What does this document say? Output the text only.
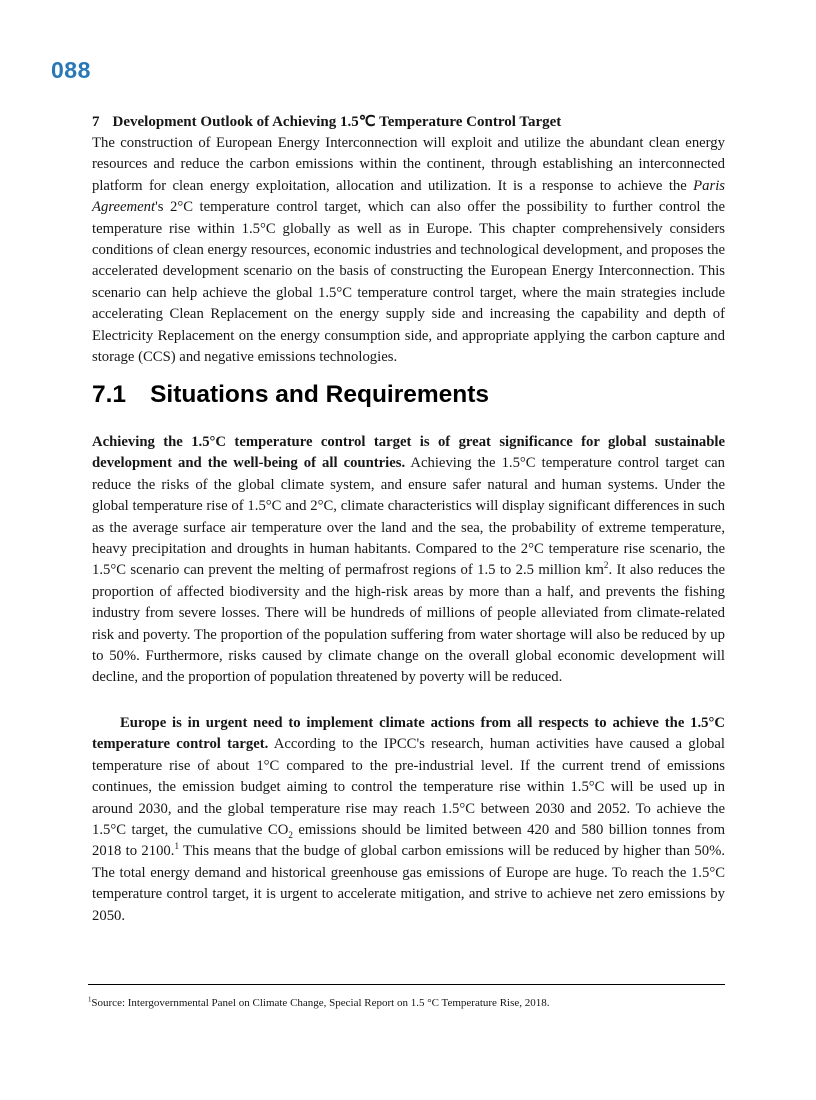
088
7 Development Outlook of Achieving 1.5℃ Temperature Control Target
The construction of European Energy Interconnection will exploit and utilize the abundant clean energy resources and reduce the carbon emissions within the continent, through establishing an interconnected platform for clean energy exploitation, allocation and utilization. It is a response to achieve the Paris Agreement's 2°C temperature control target, which can also offer the possibility to further control the temperature rise within 1.5°C globally as well as in Europe. This chapter comprehensively considers conditions of clean energy resources, economic industries and technological development, and proposes the accelerated development scenario on the basis of constructing the European Energy Interconnection. This scenario can help achieve the global 1.5°C temperature control target, where the main strategies include accelerating Clean Replacement on the energy supply side and increasing the capability and depth of Electricity Replacement on the energy consumption side, and appropriate applying the carbon capture and storage (CCS) and negative emissions technologies.
7.1 Situations and Requirements
Achieving the 1.5°C temperature control target is of great significance for global sustainable development and the well-being of all countries. Achieving the 1.5°C temperature control target can reduce the risks of the global climate system, and ensure safer natural and human systems. Under the global temperature rise of 1.5°C and 2°C, climate characteristics will display significant differences in such as the average surface air temperature over the land and the sea, the probability of extreme temperature, heavy precipitation and droughts in human habitants. Compared to the 2°C temperature rise scenario, the 1.5°C scenario can prevent the melting of permafrost regions of 1.5 to 2.5 million $km^2$. It also reduces the proportion of affected biodiversity and the high-risk areas by more than a half, and prevents the fishing industry from severe losses. There will be hundreds of millions of people alleviated from climate-related risk and poverty. The proportion of the population suffering from water shortage will also be reduced by up to 50%. Furthermore, risks caused by climate change on the overall global economic development will decline, and the proportion of population threatened by poverty will be reduced.
Europe is in urgent need to implement climate actions from all respects to achieve the 1.5°C temperature control target. According to the IPCC's research, human activities have caused a global temperature rise of about 1°C compared to the pre-industrial level. If the current trend of emissions continues, the emission budget aiming to control the temperature rise within 1.5°C will be used up in around 2030, and the global temperature rise may reach 1.5°C between 2030 and 2052. To achieve the 1.5°C target, the cumulative $CO_2$ emissions should be limited between 420 and 580 billion tonnes from 2018 to 2100.$^1$ This means that the budge of global carbon emissions will be reduced by higher than 50%. The total energy demand and historical greenhouse gas emissions of Europe are huge. To reach the 1.5°C temperature control target, it is urgent to accelerate mitigation, and strive to achieve net zero emissions by 2050.
$^1$Source: Intergovernmental Panel on Climate Change, Special Report on 1.5 °C Temperature Rise, 2018.
